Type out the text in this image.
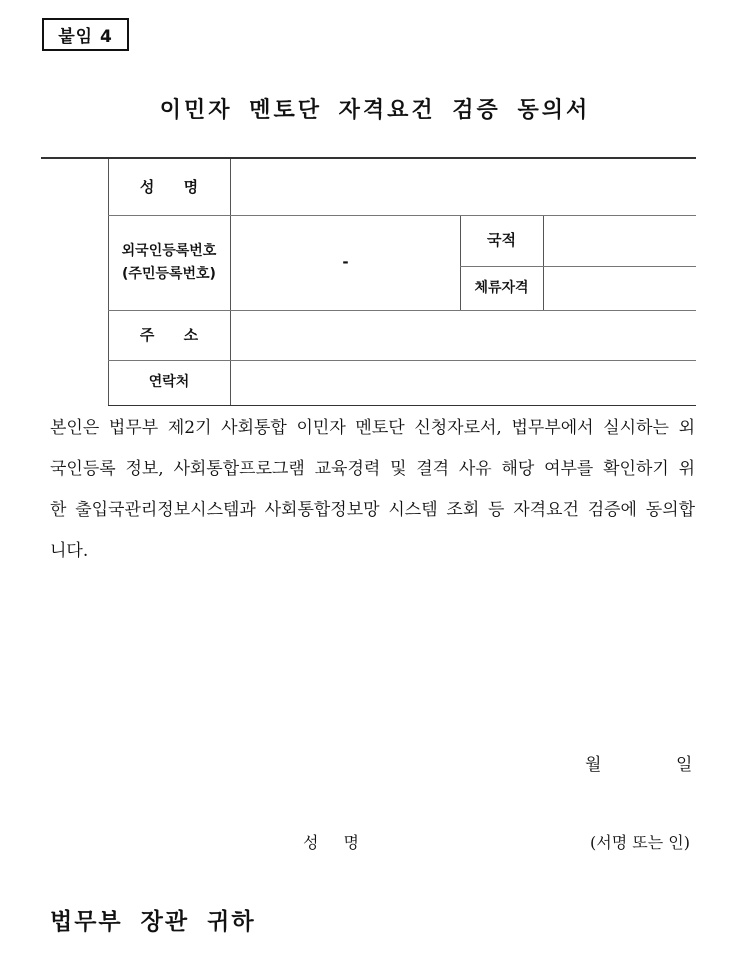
붙임 4
이민자 멘토단 자격요건 검증 동의서
성 명
외국인등록번호
(주민등록번호)
-
국적
체류자격
주 소
연락처
본인은 법무부 제2기 사회통합 이민자 멘토단 신청자로서, 법무부에서 실시하는 외국인등록 정보, 사회통합프로그램 교육경력 및 결격 사유 해당 여부를 확인하기 위한 출입국관리정보시스템과 사회통합정보망 시스템 조회 등 자격요건 검증에 동의합니다.
월	일
성 명	(서명 또는 인)
법무부 장관 귀하
